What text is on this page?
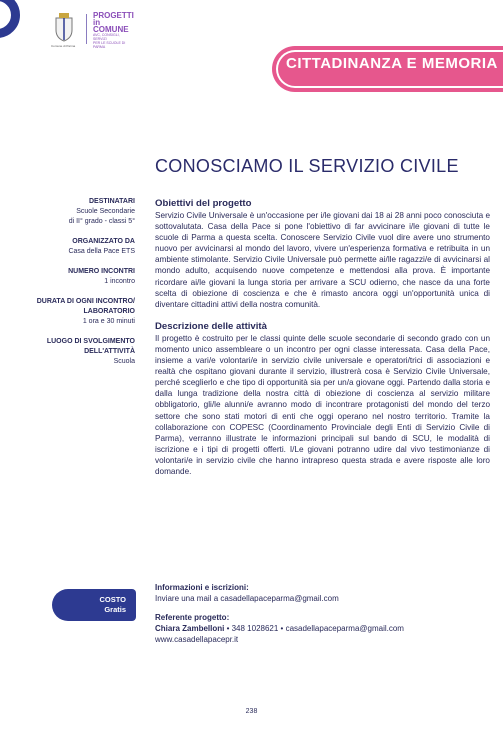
Comune di Parma
PROGETTI
in COMUNE
AVC, CONSIGLI, SERVIZI
PER LE SCUOLE DI PARMA
CITTADINANZA E MEMORIA
CONOSCIAMO IL SERVIZIO CIVILE
DESTINATARI
Scuole Secondarie
di II° grado - classi 5°
ORGANIZZATO DA
Casa della Pace ETS
NUMERO INCONTRI
1 incontro
DURATA DI OGNI INCONTRO/ LABORATORIO
1 ora e 30 minuti
LUOGO DI SVOLGIMENTO DELL'ATTIVITÀ
Scuola
Obiettivi del progetto

Servizio Civile Universale è un'occasione per i/le giovani dai 18 ai 28 anni poco conosciuta e sottovalutata. Casa della Pace si pone l'obiettivo di far avvicinare i/le giovani di tutte le scuole di Parma a questa scelta. Conoscere Servizio Civile vuol dire avere uno strumento nuovo per avvicinarsi al mondo del lavoro, vivere un'esperienza formativa e retribuita in un ambiente stimolante. Servizio Civile Universale può permette ai/lle ragazzi/e di avvicinarsi al mondo adulto, acquisendo nuove competenze e mettendosi alla prova. È importante ricordare ai/le giovani la lunga storia per arrivare a SCU odierno, che nasce da una forte scelta di obiezione di coscienza e che è rimasto ancora oggi un'opportunità unica di diventare cittadini attivi della nostra comunità.

Descrizione delle attività

Il progetto è costruito per le classi quinte delle scuole secondarie di secondo grado con un momento unico assembleare o un incontro per ogni classe interessata. Casa della Pace, insieme a vari/e volontari/e in servizio civile universale e operatori/trici di associazioni e realtà che ospitano giovani durante il servizio, illustrerà cosa è Servizio Civile Universale, perché sceglierlo e che tipo di opportunità sia per un/a giovane oggi. Partendo dalla storia e dalla lunga tradizione della nostra città di obiezione di coscienza al servizio militare obbligatorio, gli/le alunni/e avranno modo di incontrare protagonisti del mondo del terzo settore che sono stati motori di enti che oggi operano nel nostro territorio. Tramite la collaborazione con COPESC (Coordinamento Provinciale degli Enti di Servizio Civile di Parma), verranno illustrate le informazioni principali sul bando di SCU, le modalità di iscrizione e i tipi di progetti offerti. I/Le giovani potranno udire dal vivo testimonianze di volontari/e in servizio civile che hanno intrapreso questa strada e avere risposte alle loro domande.

COSTO
Gratis
Informazioni e iscrizioni:
Inviare una mail a casadellapaceparma@gmail.com
Referente progetto:
Chiara Zambelloni • 348 1028621 • casadellapaceparma@gmail.com
www.casadellapacepr.it
238
